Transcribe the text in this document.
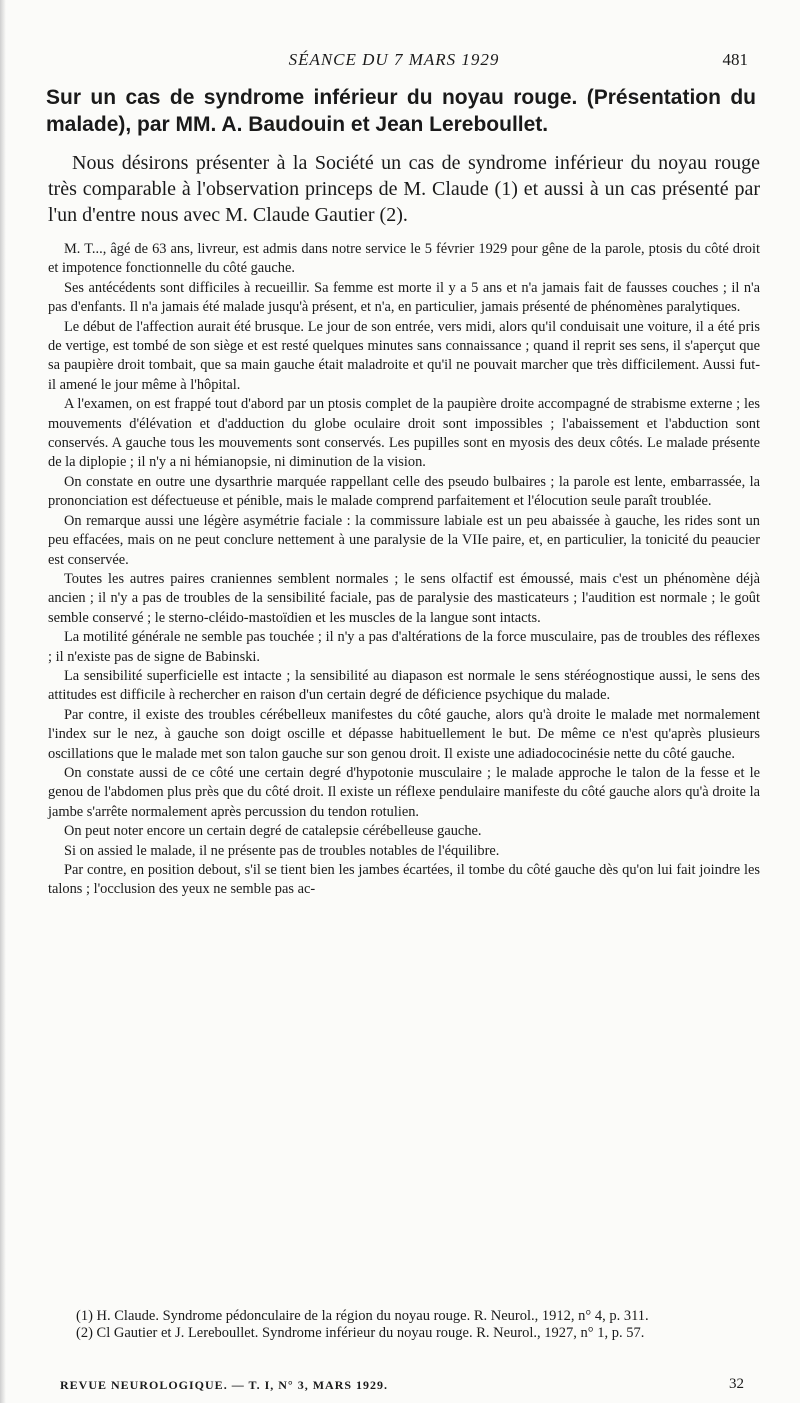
SÉANCE DU 7 MARS 1929	481
Sur un cas de syndrome inférieur du noyau rouge. (Présentation du malade), par MM. A. Baudouin et Jean Lereboullet.

Nous désirons présenter à la Société un cas de syndrome inférieur du noyau rouge très comparable à l'observation princeps de M. Claude (1) et aussi à un cas présenté par l'un d'entre nous avec M. Claude Gautier (2).

M. T..., âgé de 63 ans, livreur, est admis dans notre service le 5 février 1929 pour gêne de la parole, ptosis du côté droit et impotence fonctionnelle du côté gauche.

Ses antécédents sont difficiles à recueillir. Sa femme est morte il y a 5 ans et n'a jamais fait de fausses couches ; il n'a pas d'enfants. Il n'a jamais été malade jusqu'à présent, et n'a, en particulier, jamais présenté de phénomènes paralytiques.

Le début de l'affection aurait été brusque. Le jour de son entrée, vers midi, alors qu'il conduisait une voiture, il a été pris de vertige, est tombé de son siège et est resté quelques minutes sans connaissance ; quand il reprit ses sens, il s'aperçut que sa paupière droit tombait, que sa main gauche était maladroite et qu'il ne pouvait marcher que très difficilement. Aussi fut-il amené le jour même à l'hôpital.

A l'examen, on est frappé tout d'abord par un ptosis complet de la paupière droite accompagné de strabisme externe ; les mouvements d'élévation et d'adduction du globe oculaire droit sont impossibles ; l'abaissement et l'abduction sont conservés. A gauche tous les mouvements sont conservés. Les pupilles sont en myosis des deux côtés. Le malade présente de la diplopie ; il n'y a ni hémianopsie, ni diminution de la vision.

On constate en outre une dysarthrie marquée rappellant celle des pseudo bulbaires ; la parole est lente, embarrassée, la prononciation est défectueuse et pénible, mais le malade comprend parfaitement et l'élocution seule paraît troublée.

On remarque aussi une légère asymétrie faciale : la commissure labiale est un peu abaissée à gauche, les rides sont un peu effacées, mais on ne peut conclure nettement à une paralysie de la VIIe paire, et, en particulier, la tonicité du peaucier est conservée.

Toutes les autres paires craniennes semblent normales ; le sens olfactif est émoussé, mais c'est un phénomène déjà ancien ; il n'y a pas de troubles de la sensibilité faciale, pas de paralysie des masticateurs ; l'audition est normale ; le goût semble conservé ; le sterno-cléido-mastoïdien et les muscles de la langue sont intacts.

La motilité générale ne semble pas touchée ; il n'y a pas d'altérations de la force musculaire, pas de troubles des réflexes ; il n'existe pas de signe de Babinski.

La sensibilité superficielle est intacte ; la sensibilité au diapason est normale le sens stéréognostique aussi, le sens des attitudes est difficile à rechercher en raison d'un certain degré de déficience psychique du malade.

Par contre, il existe des troubles cérébelleux manifestes du côté gauche, alors qu'à droite le malade met normalement l'index sur le nez, à gauche son doigt oscille et dépasse habituellement le but. De même ce n'est qu'après plusieurs oscillations que le malade met son talon gauche sur son genou droit. Il existe une adiadococinésie nette du côté gauche.

On constate aussi de ce côté une certain degré d'hypotonie musculaire ; le malade approche le talon de la fesse et le genou de l'abdomen plus près que du côté droit. Il existe un réflexe pendulaire manifeste du côté gauche alors qu'à droite la jambe s'arrête normalement après percussion du tendon rotulien.

On peut noter encore un certain degré de catalepsie cérébelleuse gauche.

Si on assied le malade, il ne présente pas de troubles notables de l'équilibre.

Par contre, en position debout, s'il se tient bien les jambes écartées, il tombe du côté gauche dès qu'on lui fait joindre les talons ; l'occlusion des yeux ne semble pas ac-

(1) H. Claude. Syndrome pédonculaire de la région du noyau rouge. R. Neurol., 1912, n° 4, p. 311.

(2) Cl Gautier et J. Lereboullet. Syndrome inférieur du noyau rouge. R. Neurol., 1927, n° 1, p. 57.

REVUE NEUROLOGIQUE. — T. I, N° 3, MARS 1929.	32
